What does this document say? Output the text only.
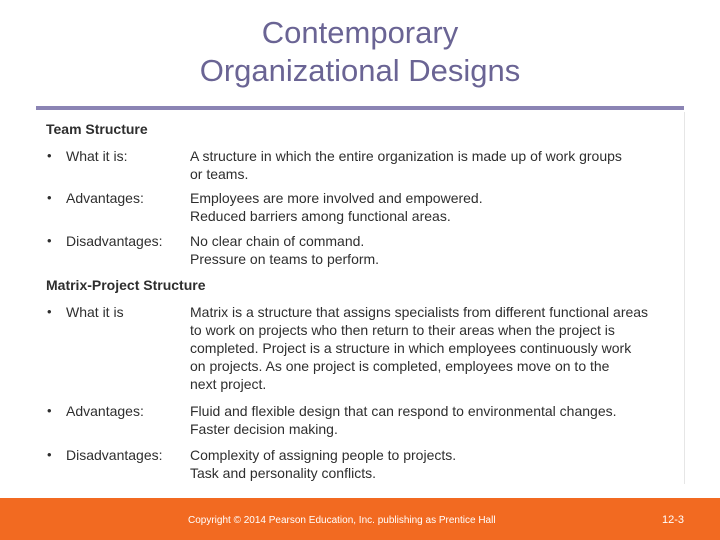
Contemporary
Organizational Designs
Team Structure
• What it is:	A structure in which the entire organization is made up of work groups
or teams.
• Advantages:	Employees are more involved and empowered.
Reduced barriers among functional areas.
• Disadvantages: No clear chain of command.
Pressure on teams to perform.
Matrix-Project Structure
• What it is	Matrix is a structure that assigns specialists from different functional areas
to work on projects who then return to their areas when the project is
completed. Project is a structure in which employees continuously work
on projects. As one project is completed, employees move on to the
next project.
• Advantages:	Fluid and flexible design that can respond to environmental changes.
Faster decision making.
• Disadvantages: Complexity of assigning people to projects.
Task and personality conflicts.
Copyright © 2014 Pearson Education, Inc. publishing as Prentice Hall	12-3
